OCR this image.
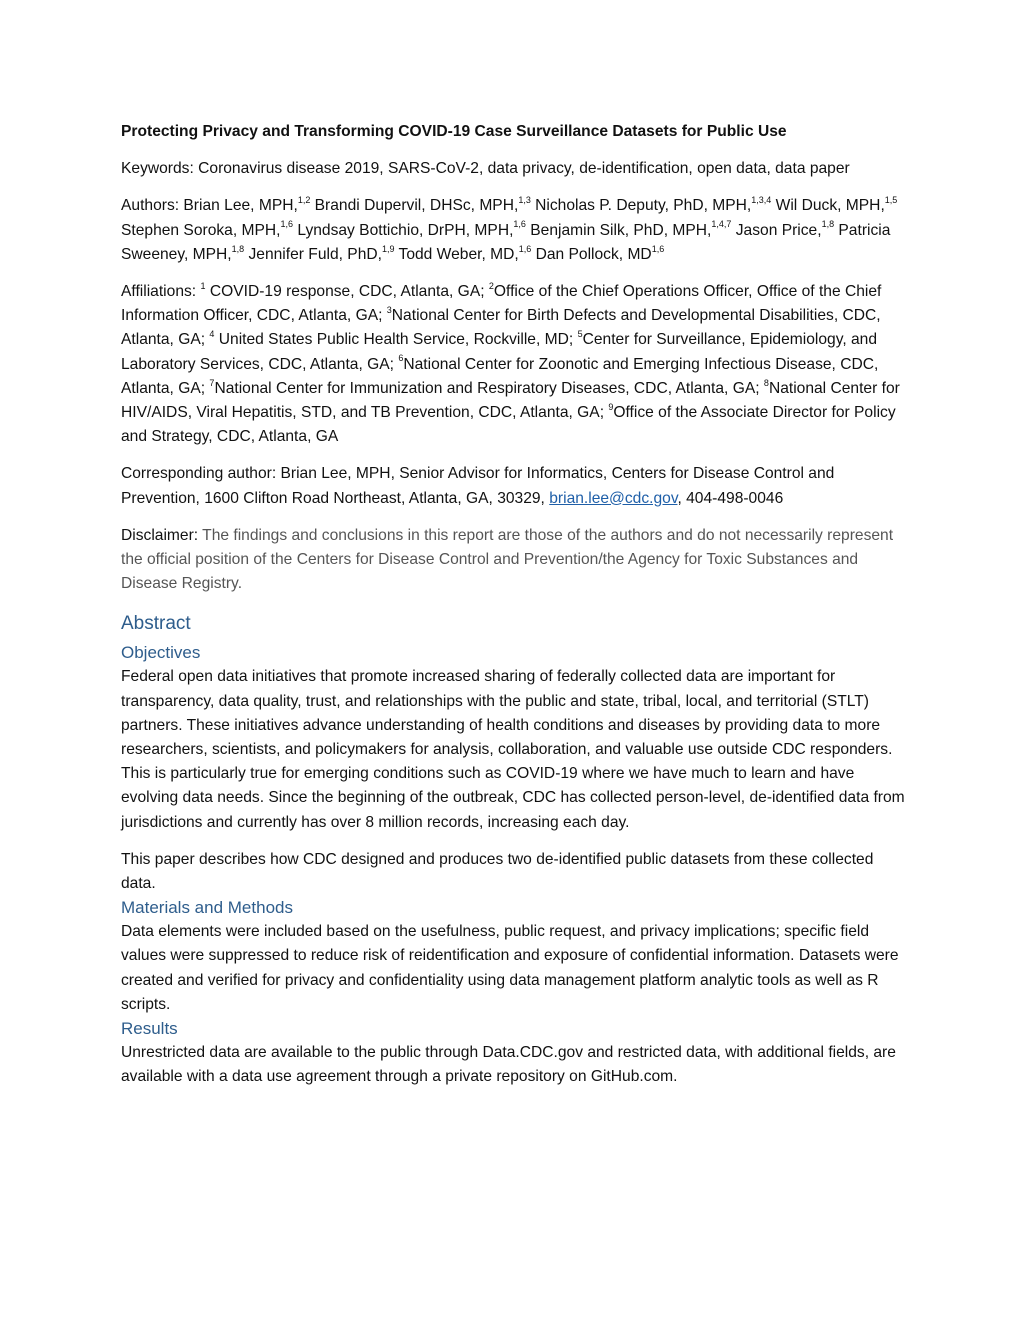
Protecting Privacy and Transforming COVID-19 Case Surveillance Datasets for Public Use

Keywords: Coronavirus disease 2019, SARS-CoV-2, data privacy, de-identification, open data, data paper

Authors: Brian Lee, MPH,$^{1,2}$ Brandi Dupervil, DHSc, MPH,$^{1,3}$ Nicholas P. Deputy, PhD, MPH,$^{1,3,4}$ Wil Duck, MPH,$^{1,5}$ Stephen Soroka, MPH,$^{1,6}$ Lyndsay Bottichio, DrPH, MPH,$^{1,6}$ Benjamin Silk, PhD, MPH,$^{1,4,7}$ Jason Price,$^{1,8}$ Patricia Sweeney, MPH,$^{1,8}$ Jennifer Fuld, PhD,$^{1,9}$ Todd Weber, MD,$^{1,6}$ Dan Pollock, MD$^{1,6}$

Affiliations: $^1$ COVID-19 response, CDC, Atlanta, GA; $^2$Office of the Chief Operations Officer, Office of the Chief Information Officer, CDC, Atlanta, GA; $^3$National Center for Birth Defects and Developmental Disabilities, CDC, Atlanta, GA; $^4$ United States Public Health Service, Rockville, MD; $^5$Center for Surveillance, Epidemiology, and Laboratory Services, CDC, Atlanta, GA; $^6$National Center for Zoonotic and Emerging Infectious Disease, CDC, Atlanta, GA; $^7$National Center for Immunization and Respiratory Diseases, CDC, Atlanta, GA; $^8$National Center for HIV/AIDS, Viral Hepatitis, STD, and TB Prevention, CDC, Atlanta, GA; $^9$Office of the Associate Director for Policy and Strategy, CDC, Atlanta, GA

Corresponding author: Brian Lee, MPH, Senior Advisor for Informatics, Centers for Disease Control and Prevention, 1600 Clifton Road Northeast, Atlanta, GA, 30329, brian.lee@cdc.gov, 404-498-0046

Disclaimer: The findings and conclusions in this report are those of the authors and do not necessarily represent the official position of the Centers for Disease Control and Prevention/the Agency for Toxic Substances and Disease Registry.

Abstract
Objectives

Federal open data initiatives that promote increased sharing of federally collected data are important for transparency, data quality, trust, and relationships with the public and state, tribal, local, and territorial (STLT) partners. These initiatives advance understanding of health conditions and diseases by providing data to more researchers, scientists, and policymakers for analysis, collaboration, and valuable use outside CDC responders. This is particularly true for emerging conditions such as COVID-19 where we have much to learn and have evolving data needs. Since the beginning of the outbreak, CDC has collected person-level, de-identified data from jurisdictions and currently has over 8 million records, increasing each day.

This paper describes how CDC designed and produces two de-identified public datasets from these collected data.

Materials and Methods

Data elements were included based on the usefulness, public request, and privacy implications; specific field values were suppressed to reduce risk of reidentification and exposure of confidential information. Datasets were created and verified for privacy and confidentiality using data management platform analytic tools as well as R scripts.

Results

Unrestricted data are available to the public through Data.CDC.gov and restricted data, with additional fields, are available with a data use agreement through a private repository on GitHub.com.
